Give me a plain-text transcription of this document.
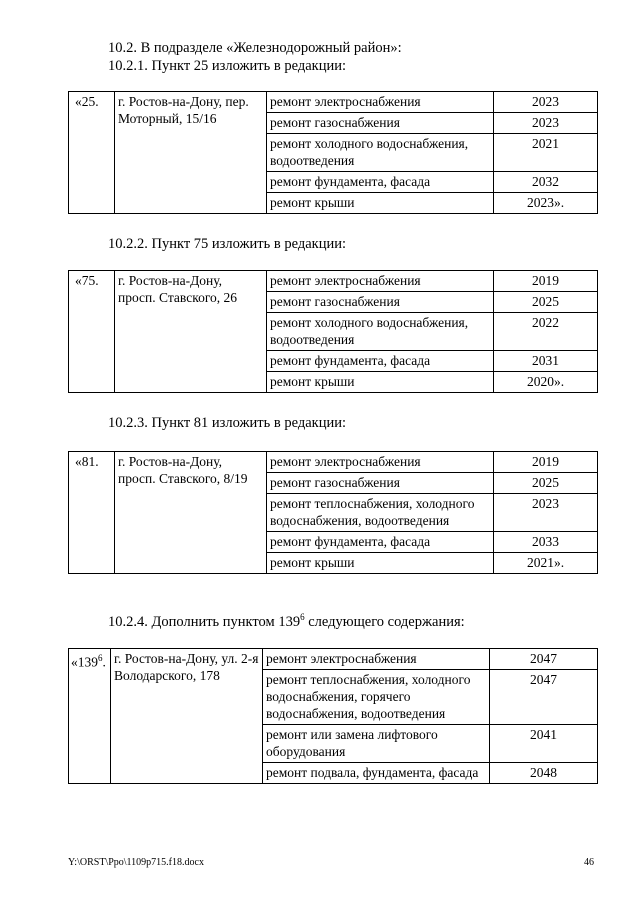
10.2. В подразделе «Железнодорожный район»:
10.2.1. Пункт 25 изложить в редакции:
«25.	г. Ростов-на-Дону, пер. Моторный, 15/16	ремонт электроснабжения	2023
		ремонт газоснабжения	2023
		ремонт холодного водоснабжения, водоотведения	2021
		ремонт фундамента, фасада	2032
		ремонт крыши	2023».
10.2.2. Пункт 75 изложить в редакции:
«75.	г. Ростов-на-Дону, просп. Ставского, 26	ремонт электроснабжения	2019
		ремонт газоснабжения	2025
		ремонт холодного водоснабжения, водоотведения	2022
		ремонт фундамента, фасада	2031
		ремонт крыши	2020».
10.2.3. Пункт 81 изложить в редакции:
«81.	г. Ростов-на-Дону, просп. Ставского, 8/19	ремонт электроснабжения	2019
		ремонт газоснабжения	2025
		ремонт теплоснабжения, холодного водоснабжения, водоотведения	2023
		ремонт фундамента, фасада	2033
		ремонт крыши	2021».
10.2.4. Дополнить пунктом $139^6$ следующего содержания:
«$139^6$.	г. Ростов-на-Дону, ул. 2-я Володарского, 178	ремонт электроснабжения	2047
		ремонт теплоснабжения, холодного водоснабжения, горячего водоснабжения, водоотведения	2047
		ремонт или замена лифтового оборудования	2041
		ремонт подвала, фундамента, фасада	2048
Y:\ORST\Ppo\1109p715.f18.docx	46
